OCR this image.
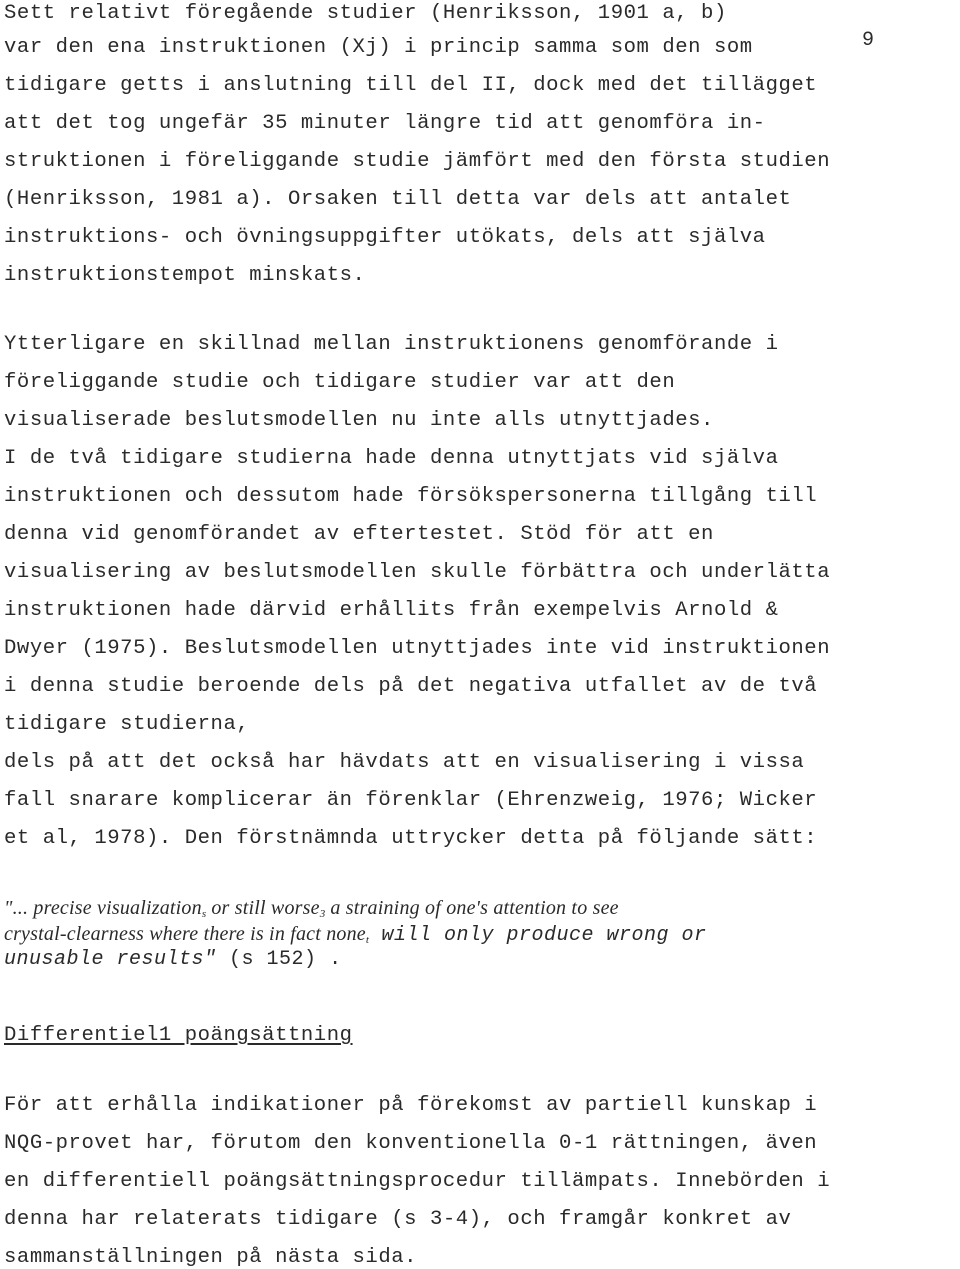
9
Sett relativt föregående studier (Henriksson, 1901 a, b)
var den ena instruktionen (Xj) i princip samma som den som
tidigare getts i anslutning till del II, dock med det tillägget
att det tog ungefär 35 minuter längre tid att genomföra in-
struktionen i föreliggande studie jämfört med den första studien
(Henriksson, 1981 a). Orsaken till detta var dels att antalet
instruktions- och övningsuppgifter utökats, dels att själva
instruktionstempot minskats.
Ytterligare en skillnad mellan instruktionens genomförande i
föreliggande studie och tidigare studier var att den
visualiserade beslutsmodellen nu inte alls utnyttjades.
I de två tidigare studierna hade denna utnyttjats vid själva
instruktionen och dessutom hade försökspersonerna tillgång till
denna vid genomförandet av eftertestet. Stöd för att en
visualisering av beslutsmodellen skulle förbättra och underlätta
instruktionen hade därvid erhållits från exempelvis Arnold &
Dwyer (1975). Beslutsmodellen utnyttjades inte vid instruktionen
i denna studie beroende dels på det negativa utfallet av de två
tidigare studierna,
dels på att det också har hävdats att en visualisering i vissa
fall snarare komplicerar än förenklar (Ehrenzweig, 1976; Wicker
et al, 1978). Den förstnämnda uttrycker detta på följande sätt:
"... precise visualization$_s$ or still worse$_3$ a straining of one's attention to see
crystal-clearness where there is in fact none$_t$ will only produce wrong or
unusable results" (s 152) .
Differentiel1 poängsättning
För att erhålla indikationer på förekomst av partiell kunskap i
NQG-provet har, förutom den konventionella 0-1 rättningen, även
en differentiell poängsättningsprocedur tillämpats. Innebörden i
denna har relaterats tidigare (s 3-4), och framgår konkret av
sammanställningen på nästa sida.
